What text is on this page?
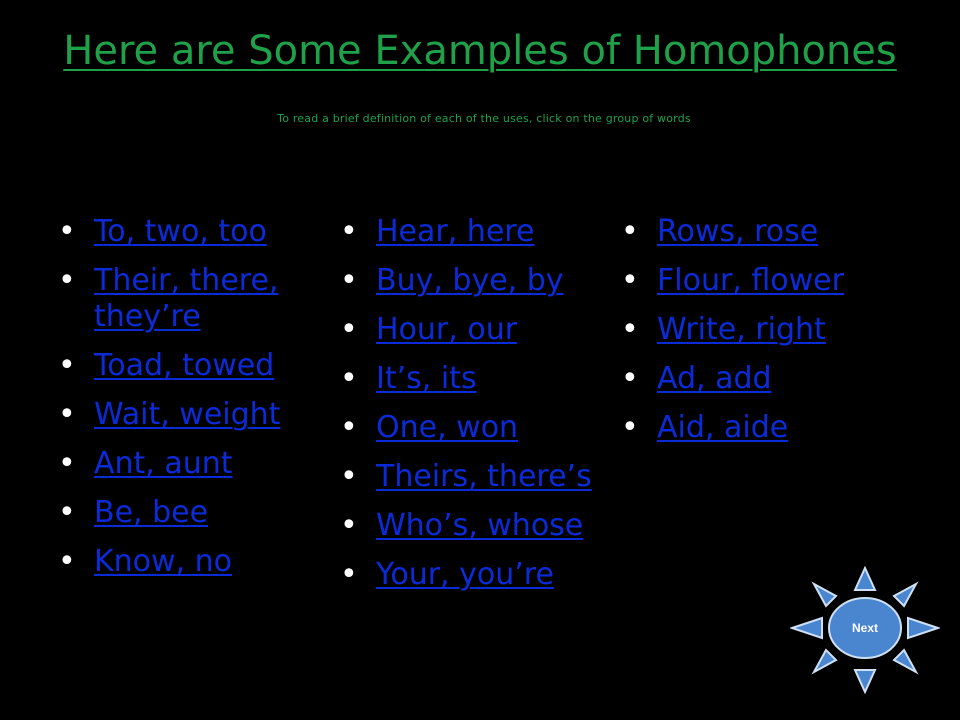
Here are Some Examples of Homophones To read a brief definition of each of the uses, click on the group of words
• To, two, too
• Their, there, they’re
• Toad, towed
• Wait, weight
• Ant, aunt
• Be, bee
• Know, no
• Hear, here
• Buy, bye, by
• Hour, our
• It’s, its
• One, won
• Theirs, there’s
• Who’s, whose
• Your, you’re
• Rows, rose
• Flour, flower
• Write, right
• Ad, add
• Aid, aide
Next
